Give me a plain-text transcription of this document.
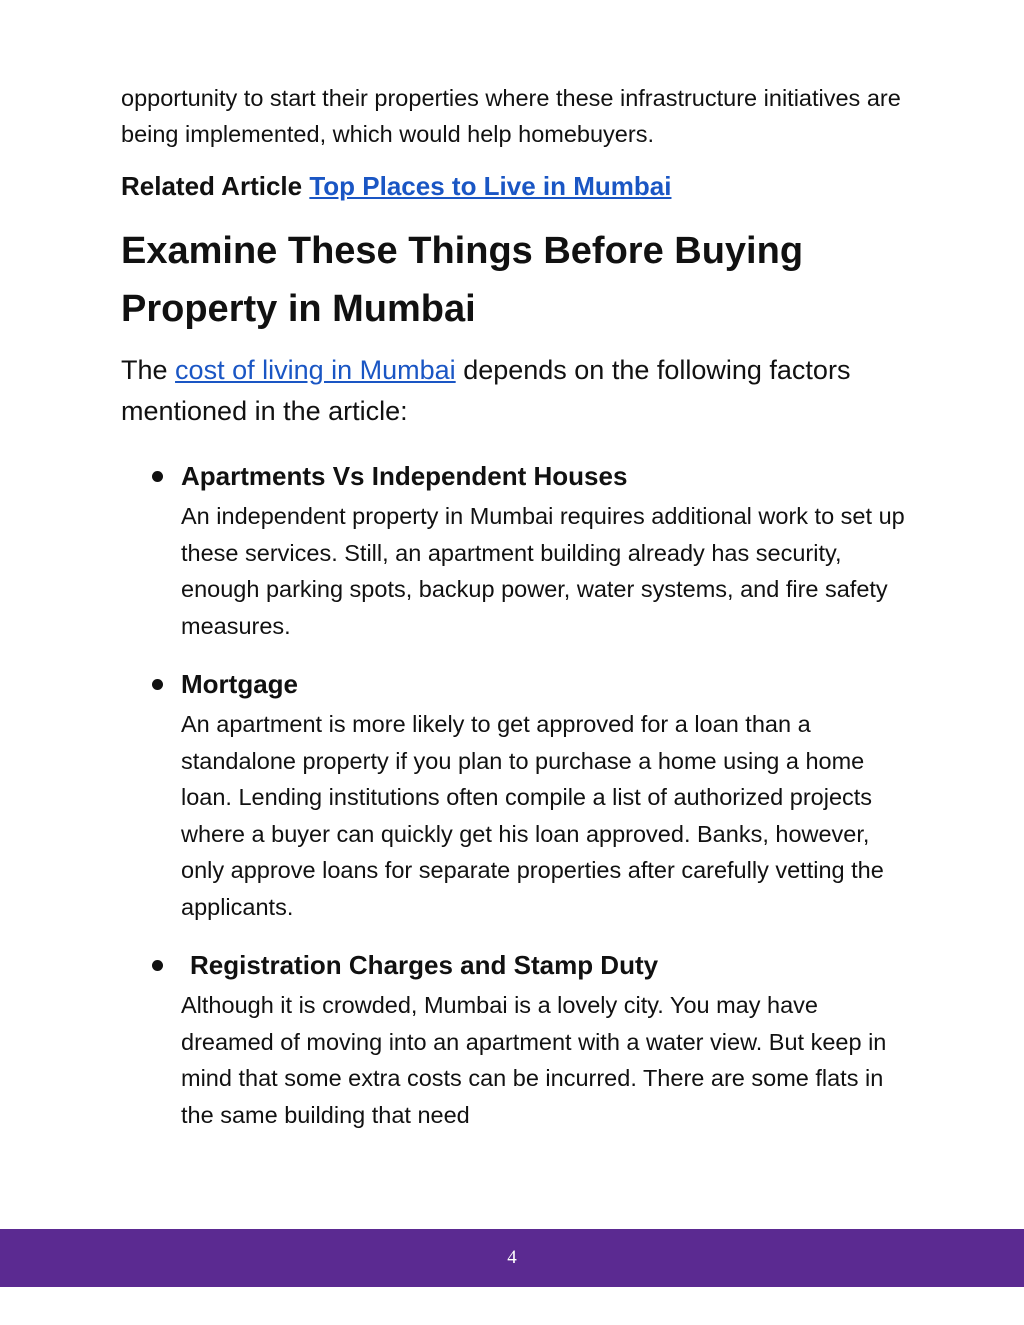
opportunity to start their properties where these infrastructure initiatives are being implemented, which would help homebuyers.

Related Article Top Places to Live in Mumbai

Examine These Things Before Buying Property in Mumbai

The cost of living in Mumbai depends on the following factors mentioned in the article:

Apartments Vs Independent Houses

An independent property in Mumbai requires additional work to set up these services. Still, an apartment building already has security, enough parking spots, backup power, water systems, and fire safety measures.

Mortgage

An apartment is more likely to get approved for a loan than a standalone property if you plan to purchase a home using a home loan. Lending institutions often compile a list of authorized projects where a buyer can quickly get his loan approved. Banks, however, only approve loans for separate properties after carefully vetting the applicants.

Registration Charges and Stamp Duty

Although it is crowded, Mumbai is a lovely city. You may have dreamed of moving into an apartment with a water view. But keep in mind that some extra costs can be incurred. There are some flats in the same building that need

4
